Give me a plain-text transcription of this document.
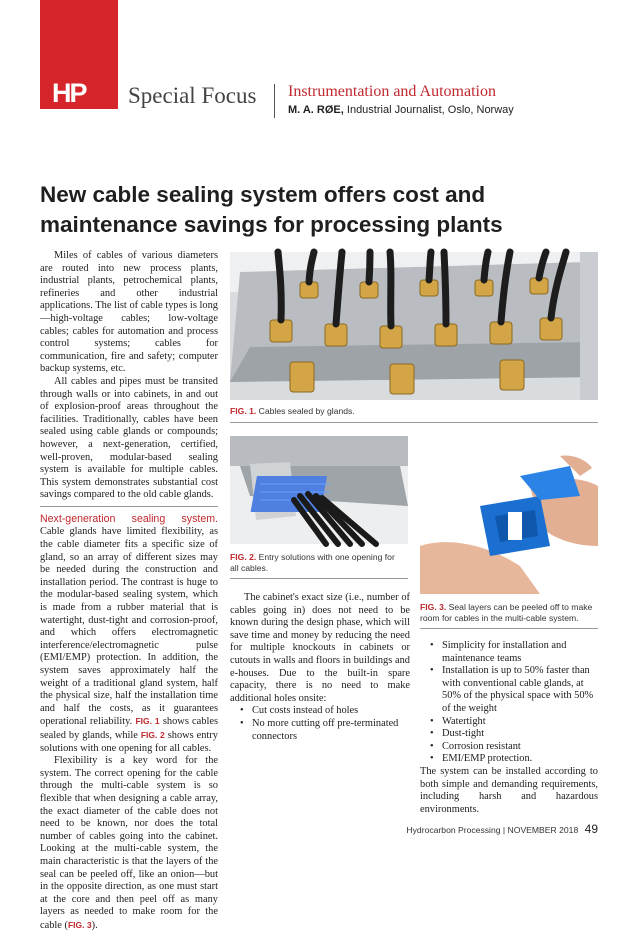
HP Special Focus Instrumentation and Automation
M. A. RØE, Industrial Journalist, Oslo, Norway
New cable sealing system offers cost and maintenance savings for processing plants

Miles of cables of various diameters are routed into new process plants, industrial plants, petrochemical plants, refineries and other industrial applications. The list of cable types is long—high-voltage cables; low-voltage cables; cables for automation and process control systems; cables for communication, fire and safety; computer backup systems, etc.

All cables and pipes must be transited through walls or into cabinets, in and out of explosion-proof areas throughout the facilities. Traditionally, cables have been sealed using cable glands or compounds; however, a next-generation, certified, well-proven, modular-based sealing system is available for multiple cables. This system demonstrates substantial cost savings compared to the old cable glands.

Next-generation sealing system. Cable glands have limited flexibility, as the cable diameter fits a specific size of gland, so an array of different sizes may be needed during the construction and installation period. The contrast is huge to the modular-based sealing system, which is made from a rubber material that is watertight, dust-tight and corrosion-proof, and which offers electromagnetic interference/electromagnetic pulse (EMI/EMP) protection. In addition, the system saves approximately half the weight of a traditional gland system, half the physical size, half the installation time and half the costs, as it guarantees operational reliability. FIG. 1 shows cables sealed by glands, while FIG. 2 shows entry solutions with one opening for all cables.

Flexibility is a key word for the system. The correct opening for the cable through the multi-cable system is so flexible that when designing a cable array, the exact diameter of the cable does not need to be known, nor does the total number of cables going into the cabinet. Looking at the multi-cable system, the main characteristic is that the layers of the seal can be peeled off, like an onion—but in the opposite direction, as one must start at the core and then peel off as many layers as needed to make room for the cable (FIG. 3).

The cabinet's exact size (i.e., number of cables going in) does not need to be known during the design phase, which will save time and money by reducing the need for multiple knockouts in cabinets or cutouts in walls and floors in buildings and e-houses. Due to the built-in spare capacity, there is no need to make additional holes onsite:

• Cut costs instead of holes
• No more cutting off pre-terminated connectors
• Simplicity for installation and maintenance teams
• Installation is up to 50% faster than with conventional cable glands, at 50% of the physical space with 50% of the weight
• Watertight
• Dust-tight
• Corrosion resistant
• EMI/EMP protection.

The system can be installed according to both simple and demanding requirements, including harsh and hazardous environments.

FIG. 1. Cables sealed by glands.
FIG. 2. Entry solutions with one opening for all cables.
FIG. 3. Seal layers can be peeled off to make room for cables in the multi-cable system.
Hydrocarbon Processing | NOVEMBER 2018 49
